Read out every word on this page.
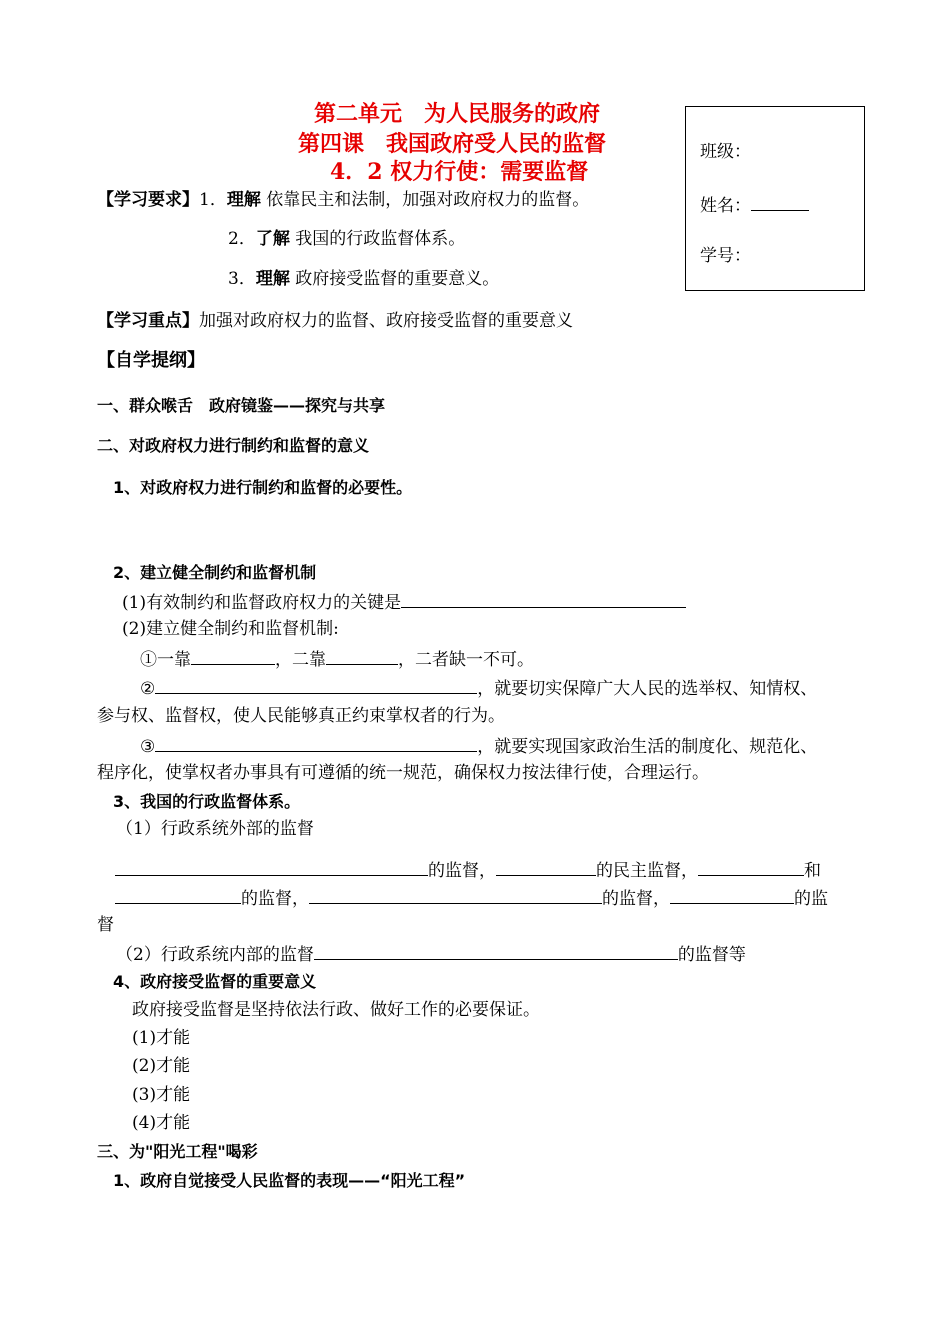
第二单元　为人民服务的政府
第四课　我国政府受人民的监督
4．2 权力行使：需要监督
班级：
姓名：
学号：
【学习要求】1．理解 依靠民主和法制，加强对政府权力的监督。
2．了解 我国的行政监督体系。
3．理解 政府接受监督的重要意义。
【学习重点】加强对政府权力的监督、政府接受监督的重要意义
【自学提纲】
一、群众喉舌　政府镜鉴——探究与共享
二、对政府权力进行制约和监督的意义
1、对政府权力进行制约和监督的必要性。
2、建立健全制约和监督机制
(1)有效制约和监督政府权力的关键是
(2)建立健全制约和监督机制:
①一靠	，二靠	，二者缺一不可。
②	，就要切实保障广大人民的选举权、知情权、
参与权、监督权，使人民能够真正约束掌权者的行为。
③	，就要实现国家政治生活的制度化、规范化、
程序化，使掌权者办事具有可遵循的统一规范，确保权力按法律行使，合理运行。
3、我国的行政监督体系。
（1）行政系统外部的监督
的监督，	的民主监督，	和
的监督，	的监督，	的监
督
（2）行政系统内部的监督	的监督等
4、政府接受监督的重要意义
政府接受监督是坚持依法行政、做好工作的必要保证。
(1)才能
(2)才能
(3)才能
(4)才能
三、为"阳光工程"喝彩
1、政府自觉接受人民监督的表现——“阳光工程”
